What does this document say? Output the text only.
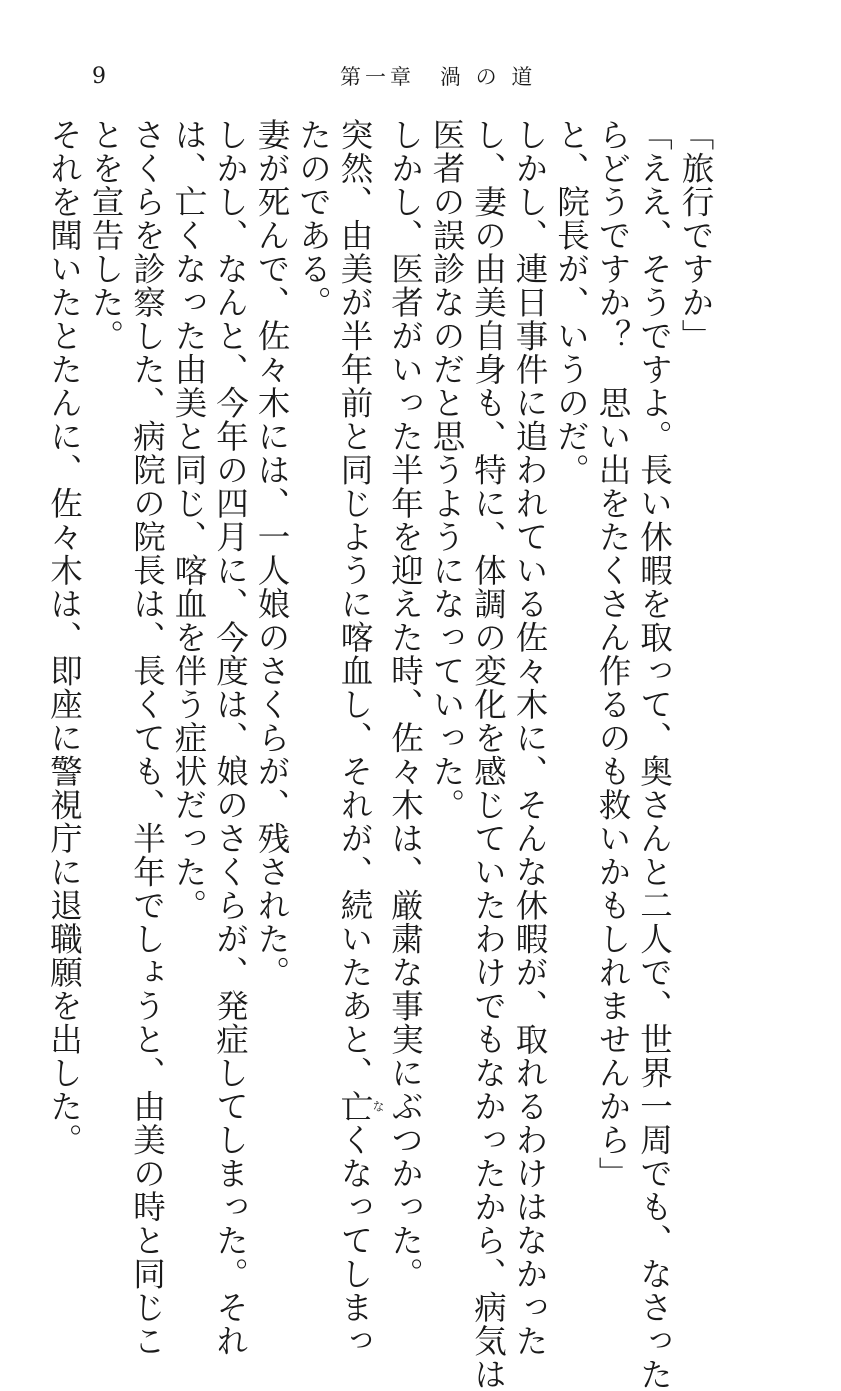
9	第一章　渦 の 道
「旅行ですか」
「ええ、そうですよ。長い休暇を取って、奥さんと二人で、世界一周でも、なさった
らどうですか？　思い出をたくさん作るのも救いかもしれませんから」
と、院長が、いうのだ。
しかし、連日事件に追われている佐々木に、そんな休暇が、取れるわけはなかった
し、妻の由美自身も、特に、体調の変化を感じていたわけでもなかったから、病気は
医者の誤診なのだと思うようになっていった。
しかし、医者がいった半年を迎えた時、佐々木は、厳粛な事実にぶつかった。
突然、由美が半年前と同じように喀血し、それが、続いたあと、亡なくなってしまっ
たのである。
妻が死んで、佐々木には、一人娘のさくらが、残された。
しかし、なんと、今年の四月に、今度は、娘のさくらが、発症してしまった。それ
は、亡くなった由美と同じ、喀血を伴う症状だった。
さくらを診察した、病院の院長は、長くても、半年でしょうと、由美の時と同じこ
とを宣告した。
それを聞いたとたんに、佐々木は、即座に警視庁に退職願を出した。
